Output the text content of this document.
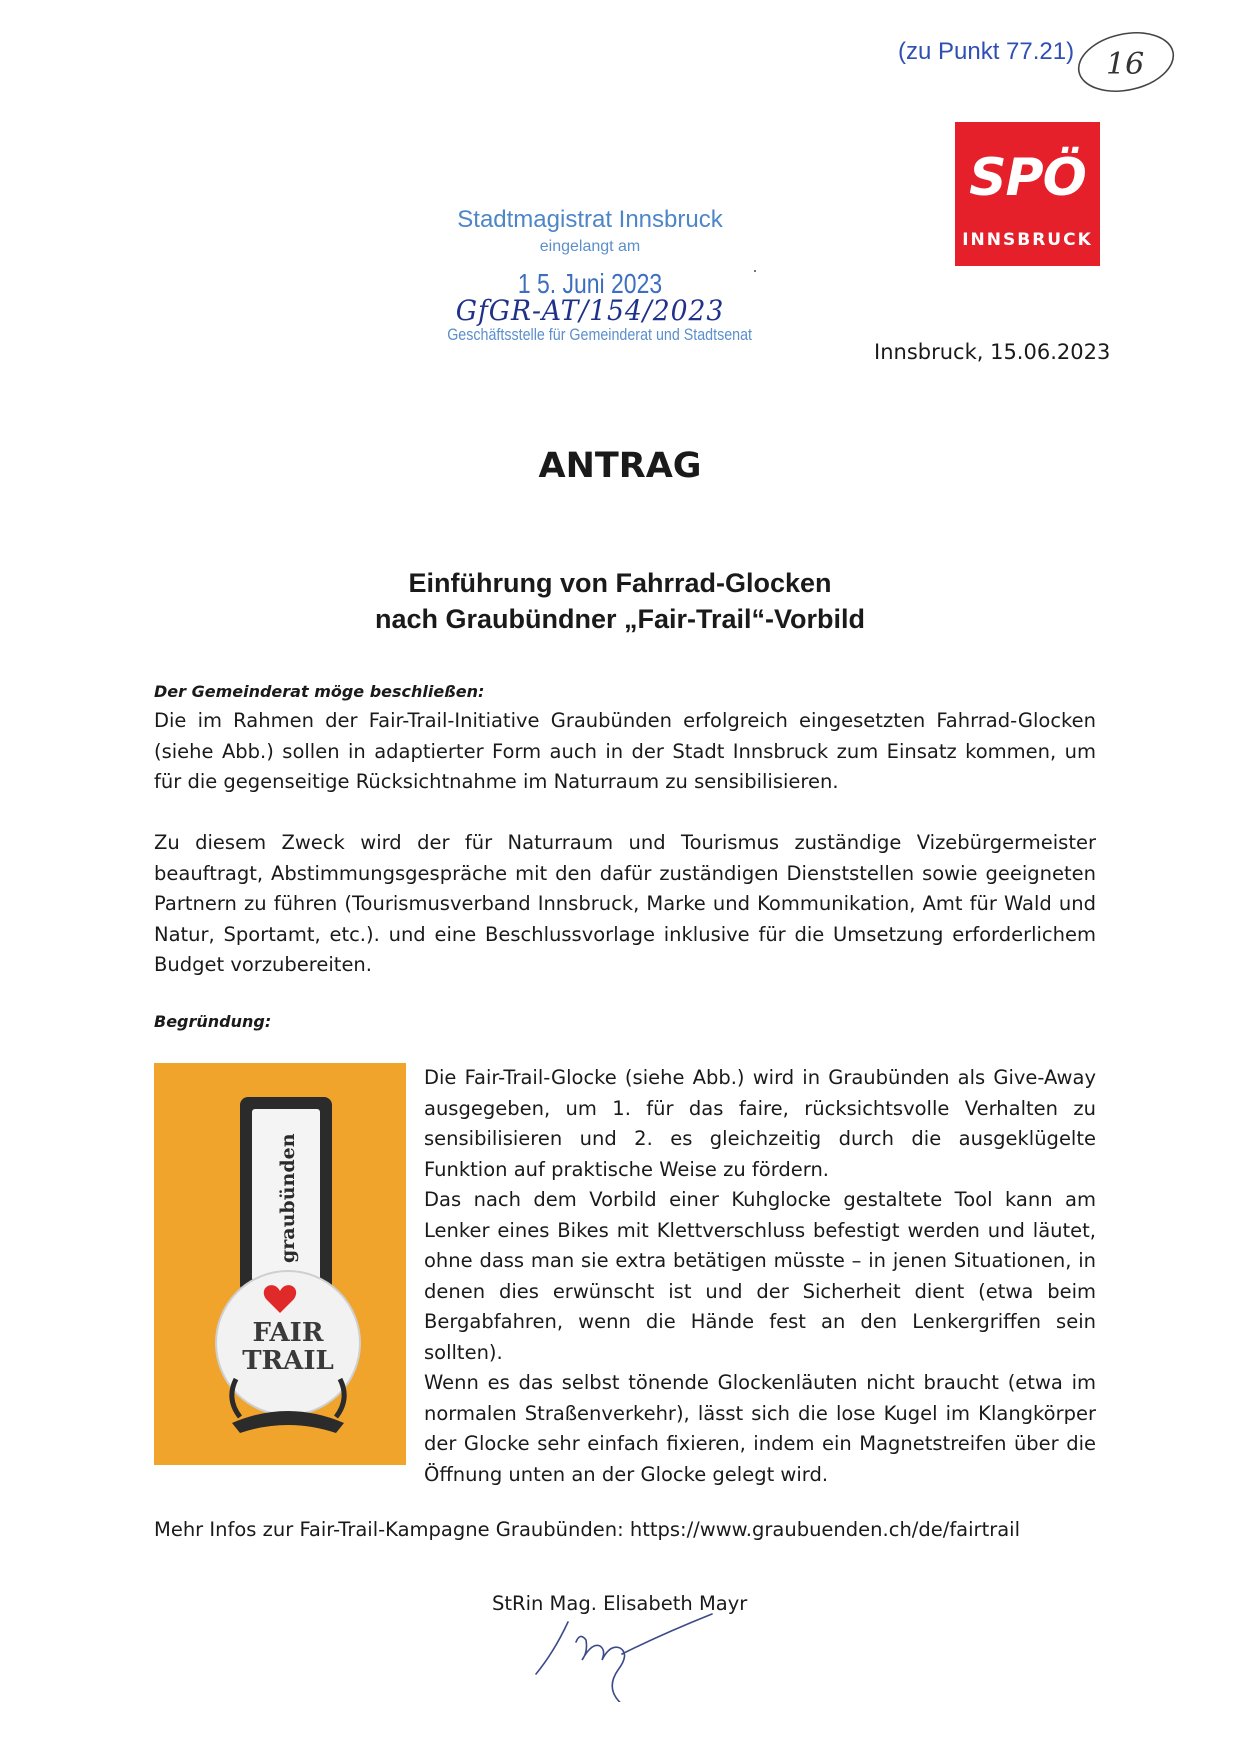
(zu Punkt 77.21) 16
SPÖ
INNSBRUCK
Stadtmagistrat Innsbruck
eingelangt am
1 5. Juni 2023
GfGR-AT/154/2023
Geschäftsstelle für Gemeinderat und Stadtsenat
Innsbruck, 15.06.2023
ANTRAG
Einführung von Fahrrad-Glocken
nach Graubündner „Fair-Trail“-Vorbild
Der Gemeinderat möge beschließen:
Die im Rahmen der Fair-Trail-Initiative Graubünden erfolgreich eingesetzten Fahrrad-Glocken (siehe Abb.) sollen in adaptierter Form auch in der Stadt Innsbruck zum Einsatz kommen, um für die gegenseitige Rücksichtnahme im Naturraum zu sensibilisieren.
Zu diesem Zweck wird der für Naturraum und Tourismus zuständige Vizebürgermeister beauftragt, Abstimmungsgespräche mit den dafür zuständigen Dienststellen sowie geeigneten Partnern zu führen (Tourismusverband Innsbruck, Marke und Kommunikation, Amt für Wald und Natur, Sportamt, etc.). und eine Beschlussvorlage inklusive für die Umsetzung erforderlichem Budget vorzubereiten.
Begründung:
graubünden
FAIR
TRAIL
Die Fair-Trail-Glocke (siehe Abb.) wird in Graubünden als Give-Away ausgegeben, um 1. für das faire, rücksichtsvolle Verhalten zu sensibilisieren und 2. es gleichzeitig durch die ausgeklügelte Funktion auf praktische Weise zu fördern.
Das nach dem Vorbild einer Kuhglocke gestaltete Tool kann am Lenker eines Bikes mit Klettverschluss befestigt werden und läutet, ohne dass man sie extra betätigen müsste – in jenen Situationen, in denen dies erwünscht ist und der Sicherheit dient (etwa beim Bergabfahren, wenn die Hände fest an den Lenkergriffen sein sollten).
Wenn es das selbst tönende Glockenläuten nicht braucht (etwa im normalen Straßenverkehr), lässt sich die lose Kugel im Klangkörper der Glocke sehr einfach fixieren, indem ein Magnetstreifen über die Öffnung unten an der Glocke gelegt wird.
Mehr Infos zur Fair-Trail-Kampagne Graubünden: https://www.graubuenden.ch/de/fairtrail
StRin Mag. Elisabeth Mayr
